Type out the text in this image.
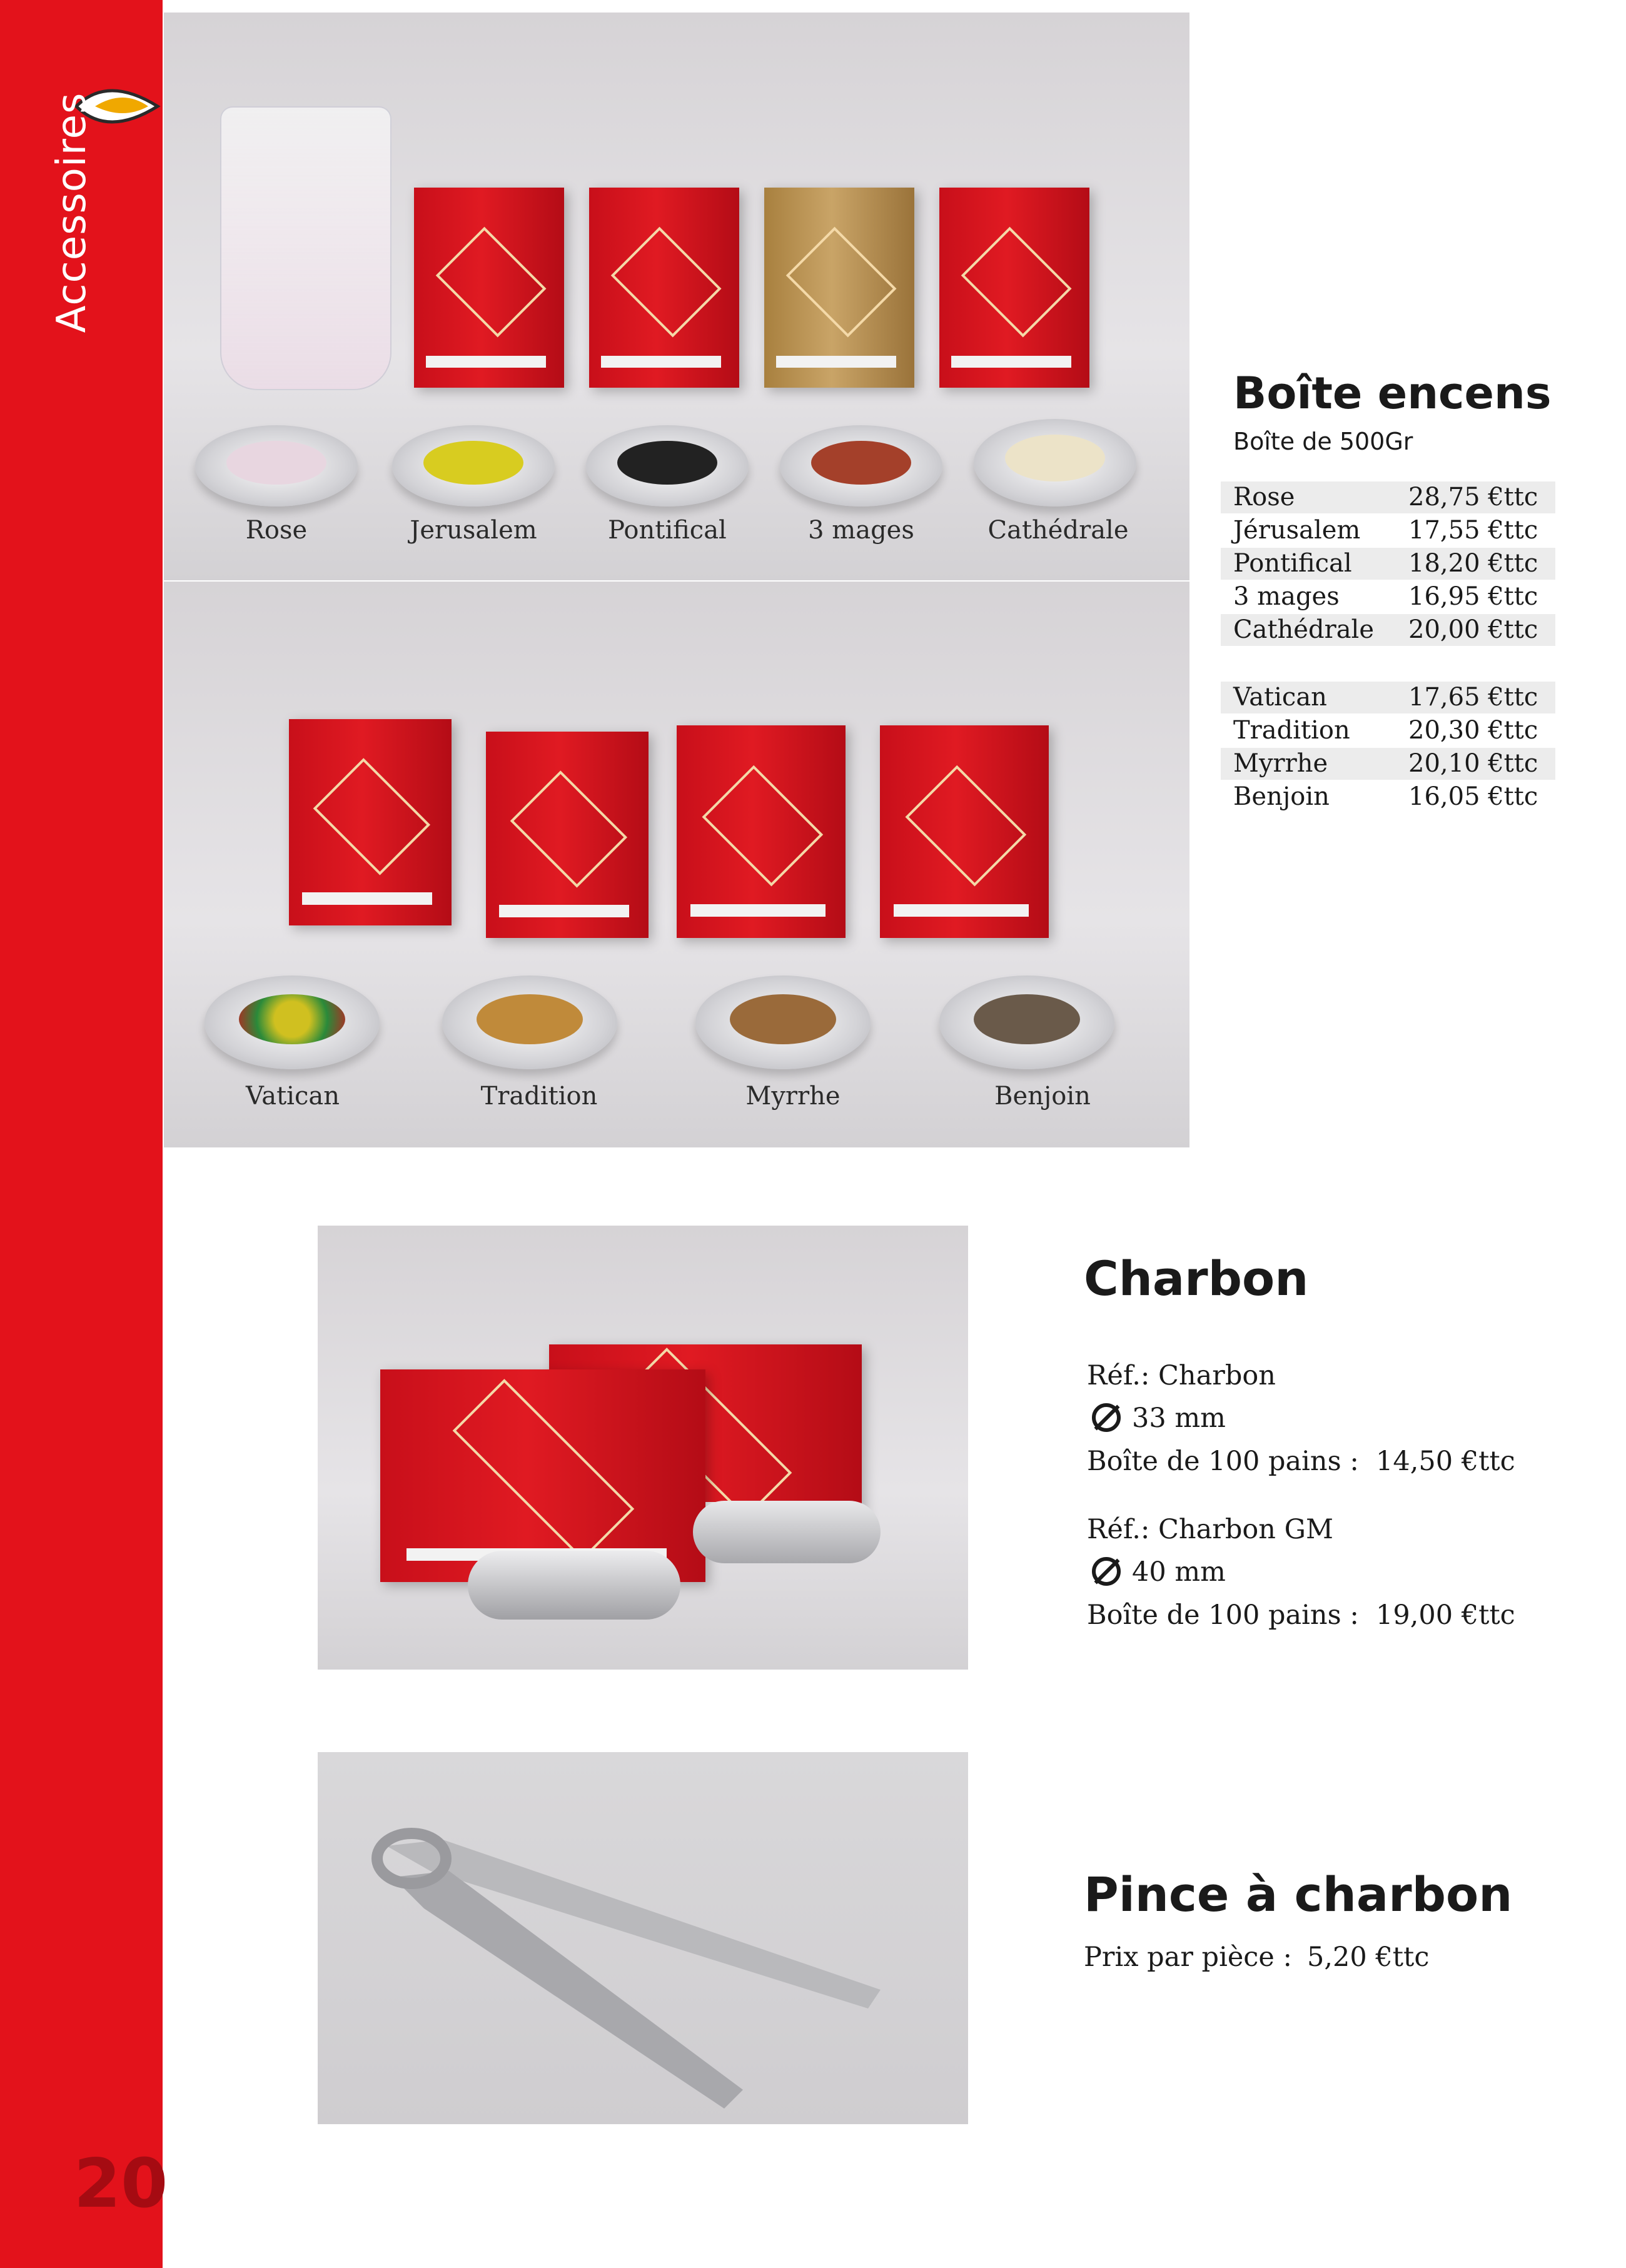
Accessoires
20
Rose	Jerusalem	Pontifical	3 mages	Cathédrale
Vatican	Tradition	Myrrhe	Benjoin
Boîte encens
Boîte de 500Gr
Rose	28,75 €ttc
Jérusalem 17,55 €ttc
Pontifical 18,20 €ttc
3 mages	16,95 €ttc
Cathédrale 20,00 €ttc
Vatican	17,65 €ttc
Tradition 20,30 €ttc
Myrrhe	20,10 €ttc
Benjoin	16,05 €ttc
Charbon
Réf.: Charbon
33 mm
Boîte de 100 pains : 14,50 €ttc
Réf.: Charbon GM
40 mm
Boîte de 100 pains : 19,00 €ttc
Pince à charbon
Prix par pièce : 5,20 €ttc
